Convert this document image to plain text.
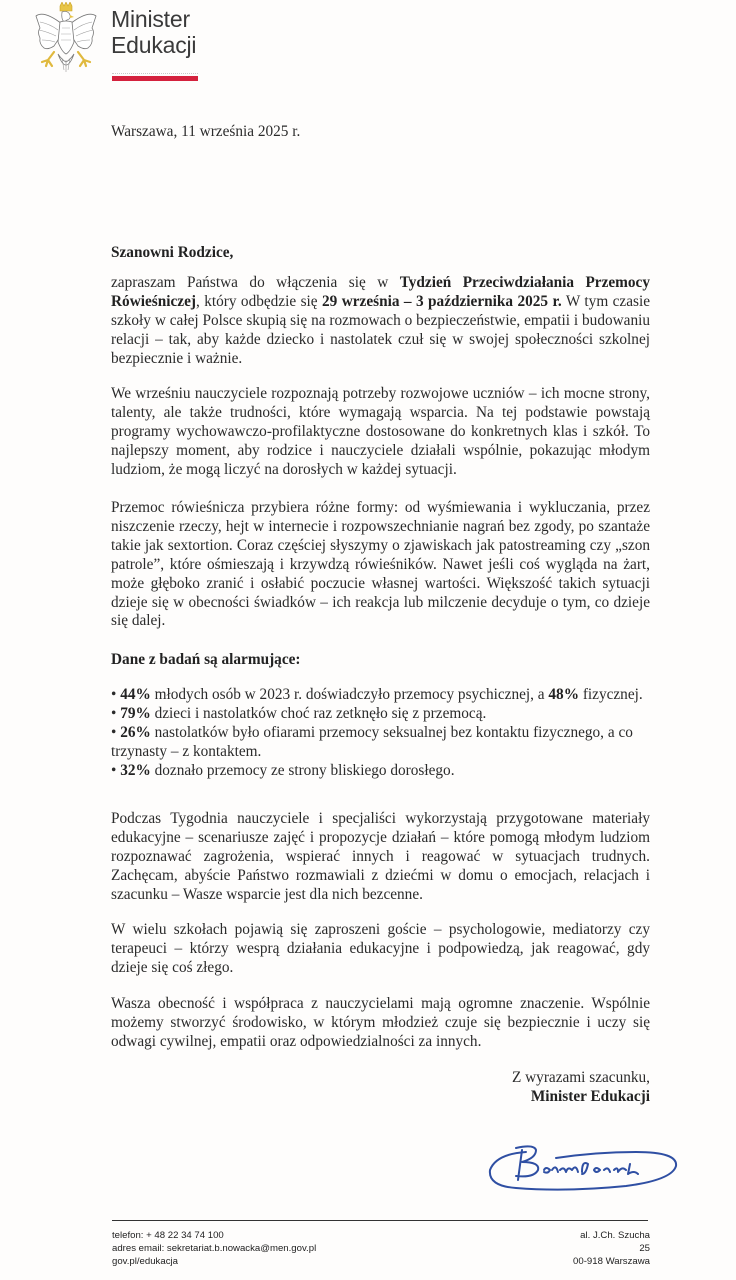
Minister
Edukacji
Warszawa, 11 września 2025 r.
Szanowni Rodzice,

zapraszam Państwa do włączenia się w Tydzień Przeciwdziałania Przemocy Rówieśniczej, który odbędzie się 29 września – 3 października 2025 r. W tym czasie szkoły w całej Polsce skupią się na rozmowach o bezpieczeństwie, empatii i budowaniu relacji – tak, aby każde dziecko i nastolatek czuł się w swojej społeczności szkolnej bezpiecznie i ważnie.

We wrześniu nauczyciele rozpoznają potrzeby rozwojowe uczniów – ich mocne strony, talenty, ale także trudności, które wymagają wsparcia. Na tej podstawie powstają programy wychowawczo-profilaktyczne dostosowane do konkretnych klas i szkół. To najlepszy moment, aby rodzice i nauczyciele działali wspólnie, pokazując młodym ludziom, że mogą liczyć na dorosłych w każdej sytuacji.

Przemoc rówieśnicza przybiera różne formy: od wyśmiewania i wykluczania, przez niszczenie rzeczy, hejt w internecie i rozpowszechnianie nagrań bez zgody, po szantaże takie jak sextortion. Coraz częściej słyszymy o zjawiskach jak patostreaming czy „szon patrole”, które ośmieszają i krzywdzą rówieśników. Nawet jeśli coś wygląda na żart, może głęboko zranić i osłabić poczucie własnej wartości. Większość takich sytuacji dzieje się w obecności świadków – ich reakcja lub milczenie decyduje o tym, co dzieje się dalej.

Dane z badań są alarmujące:
• 44% młodych osób w 2023 r. doświadczyło przemocy psychicznej, a 48% fizycznej.
• 79% dzieci i nastolatków choć raz zetknęło się z przemocą.
• 26% nastolatków było ofiarami przemocy seksualnej bez kontaktu fizycznego, a co trzynasty – z kontaktem.
• 32% doznało przemocy ze strony bliskiego dorosłego.

Podczas Tygodnia nauczyciele i specjaliści wykorzystają przygotowane materiały edukacyjne – scenariusze zajęć i propozycje działań – które pomogą młodym ludziom rozpoznawać zagrożenia, wspierać innych i reagować w sytuacjach trudnych. Zachęcam, abyście Państwo rozmawiali z dziećmi w domu o emocjach, relacjach i szacunku – Wasze wsparcie jest dla nich bezcenne.

W wielu szkołach pojawią się zaproszeni goście – psychologowie, mediatorzy czy terapeuci – którzy wesprą działania edukacyjne i podpowiedzą, jak reagować, gdy dzieje się coś złego.

Wasza obecność i współpraca z nauczycielami mają ogromne znaczenie. Wspólnie możemy stworzyć środowisko, w którym młodzież czuje się bezpiecznie i uczy się odwagi cywilnej, empatii oraz odpowiedzialności za innych.

Z wyrazami szacunku,
Minister Edukacji
telefon: + 48 22 34 74 100
adres email: sekretariat.b.nowacka@men.gov.pl
gov.pl/edukacja
al. J.Ch. Szucha 25
00-918 Warszawa
